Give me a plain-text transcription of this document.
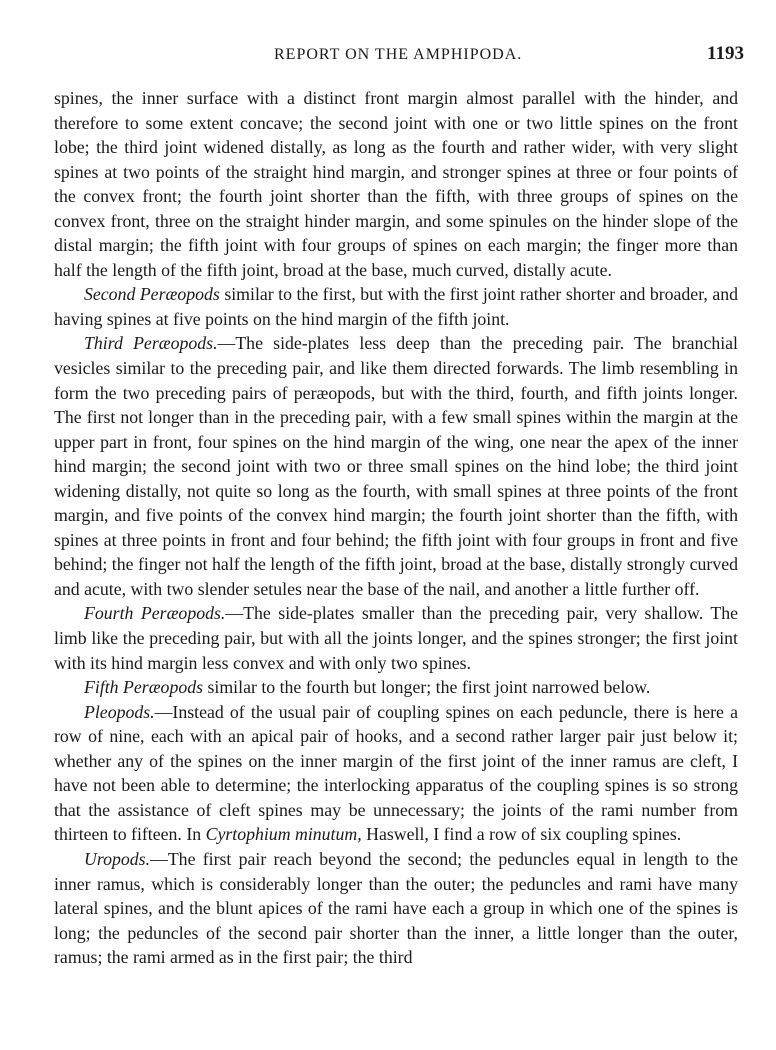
REPORT ON THE AMPHIPODA.	1193

spines, the inner surface with a distinct front margin almost parallel with the hinder, and therefore to some extent concave; the second joint with one or two little spines on the front lobe; the third joint widened distally, as long as the fourth and rather wider, with very slight spines at two points of the straight hind margin, and stronger spines at three or four points of the convex front; the fourth joint shorter than the fifth, with three groups of spines on the convex front, three on the straight hinder margin, and some spinules on the hinder slope of the distal margin; the fifth joint with four groups of spines on each margin; the finger more than half the length of the fifth joint, broad at the base, much curved, distally acute.

Second Peræopods similar to the first, but with the first joint rather shorter and broader, and having spines at five points on the hind margin of the fifth joint.

Third Peræopods.—The side-plates less deep than the preceding pair. The branchial vesicles similar to the preceding pair, and like them directed forwards. The limb resembling in form the two preceding pairs of peræopods, but with the third, fourth, and fifth joints longer. The first not longer than in the preceding pair, with a few small spines within the margin at the upper part in front, four spines on the hind margin of the wing, one near the apex of the inner hind margin; the second joint with two or three small spines on the hind lobe; the third joint widening distally, not quite so long as the fourth, with small spines at three points of the front margin, and five points of the convex hind margin; the fourth joint shorter than the fifth, with spines at three points in front and four behind; the fifth joint with four groups in front and five behind; the finger not half the length of the fifth joint, broad at the base, distally strongly curved and acute, with two slender setules near the base of the nail, and another a little further off.

Fourth Peræopods.—The side-plates smaller than the preceding pair, very shallow. The limb like the preceding pair, but with all the joints longer, and the spines stronger; the first joint with its hind margin less convex and with only two spines.

Fifth Peræopods similar to the fourth but longer; the first joint narrowed below.

Pleopods.—Instead of the usual pair of coupling spines on each peduncle, there is here a row of nine, each with an apical pair of hooks, and a second rather larger pair just below it; whether any of the spines on the inner margin of the first joint of the inner ramus are cleft, I have not been able to determine; the interlocking apparatus of the coupling spines is so strong that the assistance of cleft spines may be unnecessary; the joints of the rami number from thirteen to fifteen. In Cyrtophium minutum, Haswell, I find a row of six coupling spines.

Uropods.—The first pair reach beyond the second; the peduncles equal in length to the inner ramus, which is considerably longer than the outer; the peduncles and rami have many lateral spines, and the blunt apices of the rami have each a group in which one of the spines is long; the peduncles of the second pair shorter than the inner, a little longer than the outer, ramus; the rami armed as in the first pair; the third
